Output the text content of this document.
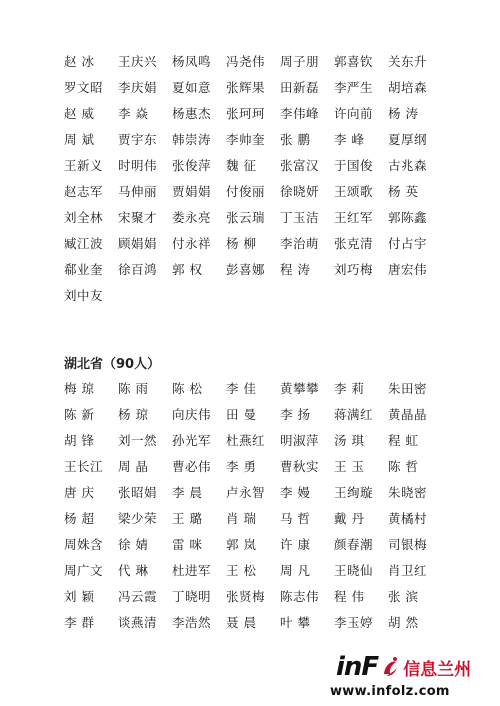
赵 冰	王庆兴	杨凤鸣	冯尧伟	周子朋	郭喜钦	关东升
罗文昭	李庆娟	夏如意	张辉果	田新磊	李严生	胡培森
赵 威	李 焱	杨惠杰	张珂珂	李伟峰	许向前	杨 涛
周 斌	贾宇东	韩崇涛	李帅奎	张 鹏	李 峰	夏厚纲
王新义	时明伟	张俊萍	魏 征	张富汉	于国俊	古兆森
赵志军	马伸丽	贾娟娟	付俊丽	徐晓妍	王颂歌	杨 英
刘全林	宋聚才	娄永亮	张云瑞	丁玉洁	王红军	郭陈鑫
臧江波	顾娟娟	付永祥	杨 柳	李治萌	张克清	付占宇
郗业奎	徐百鸿	郭 权	彭喜娜	程 涛	刘巧梅	唐宏伟
刘中友
湖北省（90人）
梅 琼	陈 雨	陈 松	李 佳	黄攀攀	李 莉	朱田密
陈 新	杨 琼	向庆伟	田 曼	李 扬	蒋满红	黄晶晶
胡 锋	刘一然	孙光军	杜燕红	明淑萍	汤 琪	程 虹
王长江	周 晶	曹必伟	李 勇	曹秋实	王 玉	陈 哲
唐 庆	张昭娟	李 晨	卢永智	李 嫚	王绚璇	朱晓密
杨 超	梁少荣	王 璐	肖 瑞	马 哲	戴 丹	黄橘村
周姝含	徐 婧	雷 咪	郭 岚	许 康	颜春潮	司银梅
周广文	代 琳	杜进军	王 松	周 凡	王晓仙	肖卫红
刘 颖	冯云霞	丁晓明	张贤梅	陈志伟	程 伟	张 滨
李 群	谈燕清	李浩然	聂 晨	叶 攀	李玉婷	胡 然
in F 信息兰州
www.infolz.com
